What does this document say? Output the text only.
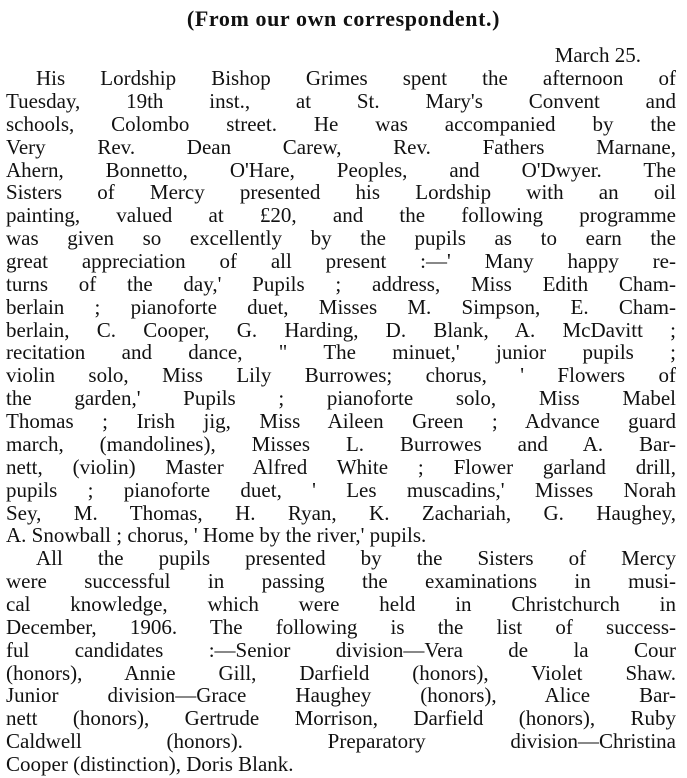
(From our own correspondent.)
March 25.
His Lordship Bishop Grimes spent the afternoon of
Tuesday, 19th inst., at St. Mary's Convent and
schools, Colombo street. He was accompanied by the
Very Rev. Dean Carew, Rev. Fathers Marnane,
Ahern, Bonnetto, O'Hare, Peoples, and O'Dwyer. The
Sisters of Mercy presented his Lordship with an oil
painting, valued at £20, and the following programme
was given so excellently by the pupils as to earn the
great appreciation of all present :—' Many happy re-
turns of the day,' Pupils ; address, Miss Edith Cham-
berlain ; pianoforte duet, Misses M. Simpson, E. Cham-
berlain, C. Cooper, G. Harding, D. Blank, A. McDavitt ;
recitation and dance, " The minuet,' junior pupils ;
violin solo, Miss Lily Burrowes; chorus, ' Flowers of
the garden,' Pupils ; pianoforte solo, Miss Mabel
Thomas ; Irish jig, Miss Aileen Green ; Advance guard
march, (mandolines), Misses L. Burrowes and A. Bar-
nett, (violin) Master Alfred White ; Flower garland drill,
pupils ; pianoforte duet, ' Les muscadins,' Misses Norah
Sey, M. Thomas, H. Ryan, K. Zachariah, G. Haughey,
A. Snowball ; chorus, ' Home by the river,' pupils.
All the pupils presented by the Sisters of Mercy
were successful in passing the examinations in musi-
cal knowledge, which were held in Christchurch in
December, 1906. The following is the list of success-
ful candidates :—Senior division—Vera de la Cour
(honors), Annie Gill, Darfield (honors), Violet Shaw.
Junior division—Grace Haughey (honors), Alice Bar-
nett (honors), Gertrude Morrison, Darfield (honors), Ruby
Caldwell (honors). Preparatory division—Christina
Cooper (distinction), Doris Blank.
